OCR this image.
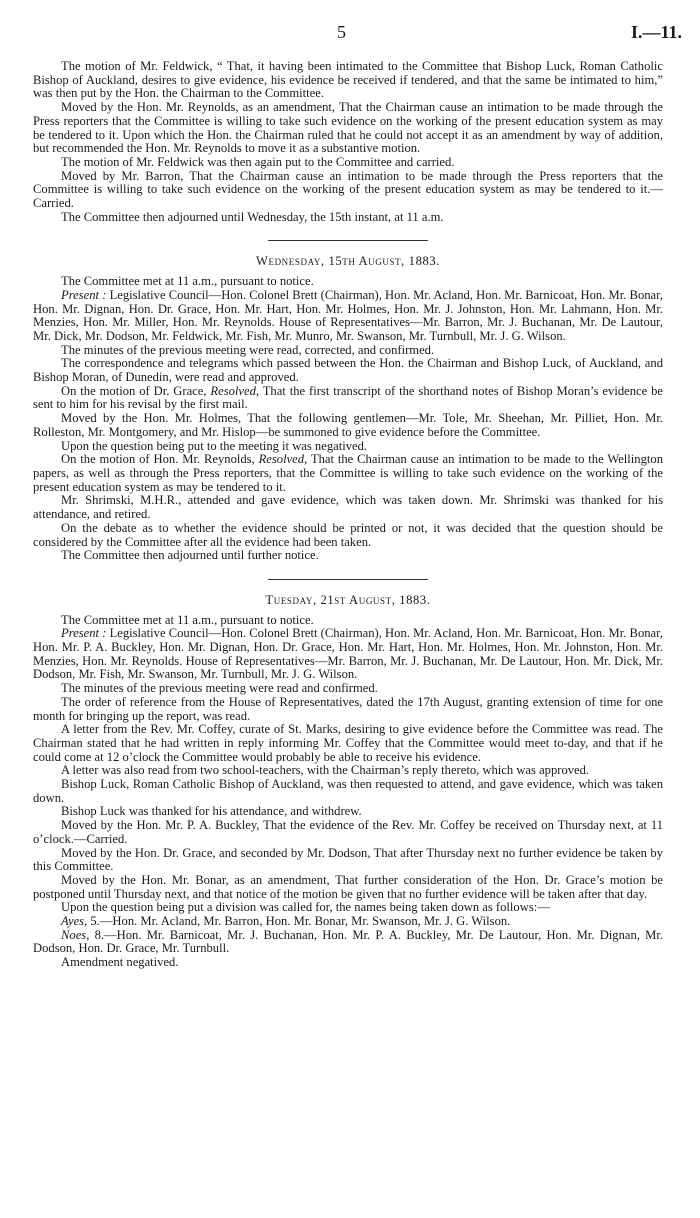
5	I.—11.

The motion of Mr. Feldwick, “ That, it having been intimated to the Committee that Bishop Luck, Roman Catholic Bishop of Auckland, desires to give evidence, his evidence be received if tendered, and that the same be intimated to him,” was then put by the Hon. the Chairman to the Committee.

Moved by the Hon. Mr. Reynolds, as an amendment, That the Chairman cause an intimation to be made through the Press reporters that the Committee is willing to take such evidence on the working of the present education system as may be tendered to it. Upon which the Hon. the Chairman ruled that he could not accept it as an amendment by way of addition, but recommended the Hon. Mr. Reynolds to move it as a substantive motion.

The motion of Mr. Feldwick was then again put to the Committee and carried.

Moved by Mr. Barron, That the Chairman cause an intimation to be made through the Press reporters that the Committee is willing to take such evidence on the working of the present education system as may be tendered to it.—Carried.

The Committee then adjourned until Wednesday, the 15th instant, at 11 a.m.

Wednesday, 15th August, 1883.

The Committee met at 11 a.m., pursuant to notice.

Present : Legislative Council—Hon. Colonel Brett (Chairman), Hon. Mr. Acland, Hon. Mr. Barnicoat, Hon. Mr. Bonar, Hon. Mr. Dignan, Hon. Dr. Grace, Hon. Mr. Hart, Hon. Mr. Holmes, Hon. Mr. J. Johnston, Hon. Mr. Lahmann, Hon. Mr. Menzies, Hon. Mr. Miller, Hon. Mr. Reynolds. House of Representatives—Mr. Barron, Mr. J. Buchanan, Mr. De Lautour, Mr. Dick, Mr. Dodson, Mr. Feldwick, Mr. Fish, Mr. Munro, Mr. Swanson, Mr. Turnbull, Mr. J. G. Wilson.

The minutes of the previous meeting were read, corrected, and confirmed.

The correspondence and telegrams which passed between the Hon. the Chairman and Bishop Luck, of Auckland, and Bishop Moran, of Dunedin, were read and approved.

On the motion of Dr. Grace, Resolved, That the first transcript of the shorthand notes of Bishop Moran’s evidence be sent to him for his revisal by the first mail.

Moved by the Hon. Mr. Holmes, That the following gentlemen—Mr. Tole, Mr. Sheehan, Mr. Pilliet, Hon. Mr. Rolleston, Mr. Montgomery, and Mr. Hislop—be summoned to give evidence before the Committee.

Upon the question being put to the meeting it was negatived.

On the motion of Hon. Mr. Reynolds, Resolved, That the Chairman cause an intimation to be made to the Wellington papers, as well as through the Press reporters, that the Committee is willing to take such evidence on the working of the present education system as may be tendered to it.

Mr. Shrimski, M.H.R., attended and gave evidence, which was taken down. Mr. Shrimski was thanked for his attendance, and retired.

On the debate as to whether the evidence should be printed or not, it was decided that the question should be considered by the Committee after all the evidence had been taken.

The Committee then adjourned until further notice.

Tuesday, 21st August, 1883.

The Committee met at 11 a.m., pursuant to notice.

Present : Legislative Council—Hon. Colonel Brett (Chairman), Hon. Mr. Acland, Hon. Mr. Barnicoat, Hon. Mr. Bonar, Hon. Mr. P. A. Buckley, Hon. Mr. Dignan, Hon. Dr. Grace, Hon. Mr. Hart, Hon. Mr. Holmes, Hon. Mr. Johnston, Hon. Mr. Menzies, Hon. Mr. Reynolds. House of Representatives—Mr. Barron, Mr. J. Buchanan, Mr. De Lautour, Hon. Mr. Dick, Mr. Dodson, Mr. Fish, Mr. Swanson, Mr. Turnbull, Mr. J. G. Wilson.

The minutes of the previous meeting were read and confirmed.

The order of reference from the House of Representatives, dated the 17th August, granting extension of time for one month for bringing up the report, was read.

A letter from the Rev. Mr. Coffey, curate of St. Marks, desiring to give evidence before the Committee was read. The Chairman stated that he had written in reply informing Mr. Coffey that the Committee would meet to-day, and that if he could come at 12 o’clock the Committee would probably be able to receive his evidence.

A letter was also read from two school-teachers, with the Chairman’s reply thereto, which was approved.

Bishop Luck, Roman Catholic Bishop of Auckland, was then requested to attend, and gave evidence, which was taken down.

Bishop Luck was thanked for his attendance, and withdrew.

Moved by the Hon. Mr. P. A. Buckley, That the evidence of the Rev. Mr. Coffey be received on Thursday next, at 11 o’clock.—Carried.

Moved by the Hon. Dr. Grace, and seconded by Mr. Dodson, That after Thursday next no further evidence be taken by this Committee.

Moved by the Hon. Mr. Bonar, as an amendment, That further consideration of the Hon. Dr. Grace’s motion be postponed until Thursday next, and that notice of the motion be given that no further evidence will be taken after that day.

Upon the question being put a division was called for, the names being taken down as follows:—

Ayes, 5.—Hon. Mr. Acland, Mr. Barron, Hon. Mr. Bonar, Mr. Swanson, Mr. J. G. Wilson.

Noes, 8.—Hon. Mr. Barnicoat, Mr. J. Buchanan, Hon. Mr. P. A. Buckley, Mr. De Lautour, Hon. Mr. Dignan, Mr. Dodson, Hon. Dr. Grace, Mr. Turnbull.

Amendment negatived.
